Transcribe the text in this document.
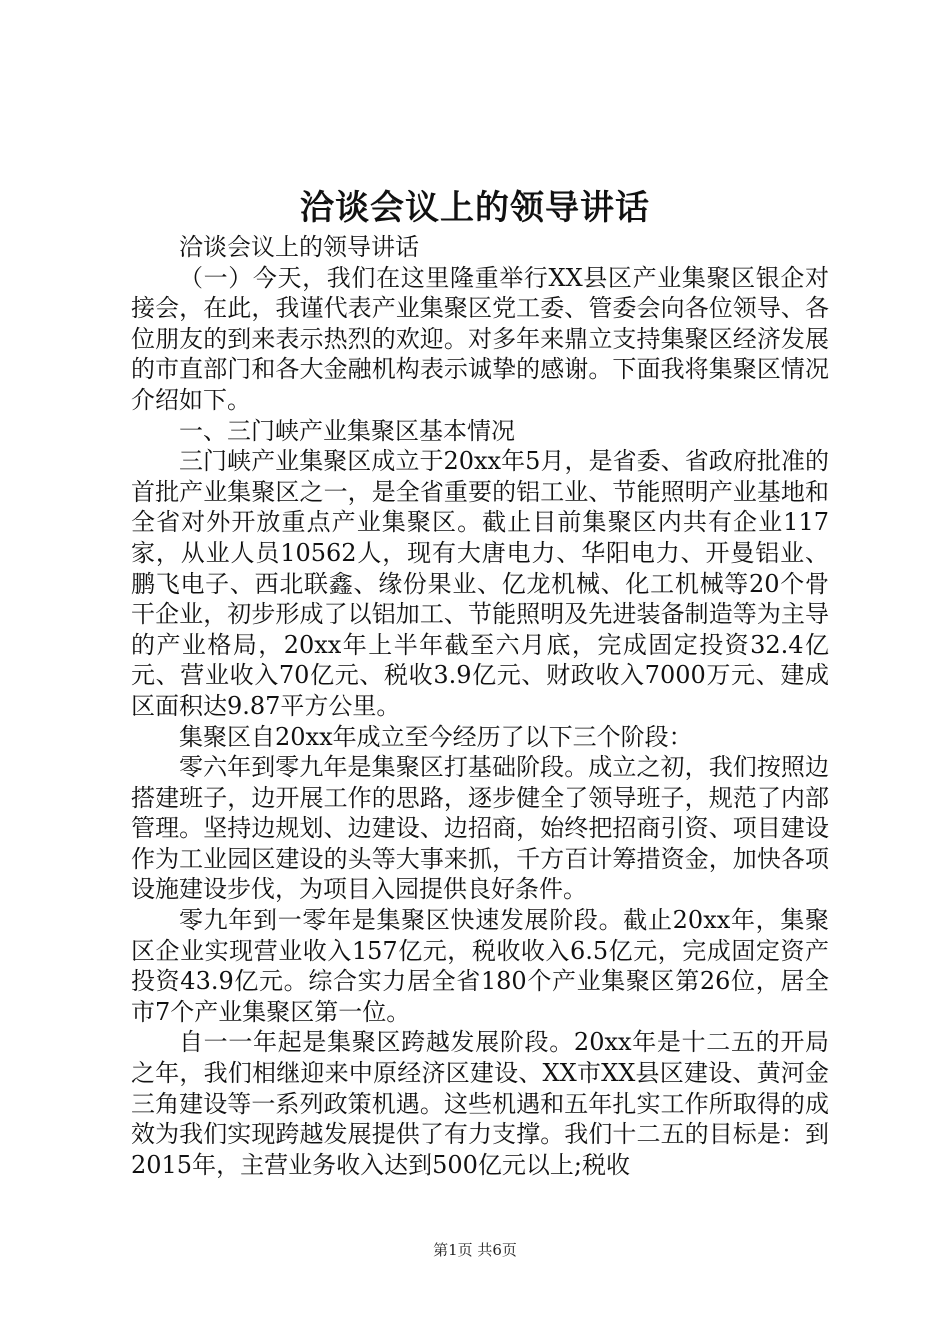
洽谈会议上的领导讲话

洽谈会议上的领导讲话

（一）今天，我们在这里隆重举行XX县区产业集聚区银企对接会，在此，我谨代表产业集聚区党工委、管委会向各位领导、各位朋友的到来表示热烈的欢迎。对多年来鼎立支持集聚区经济发展的市直部门和各大金融机构表示诚挚的感谢。下面我将集聚区情况介绍如下。

一、三门峡产业集聚区基本情况

三门峡产业集聚区成立于20xx年5月，是省委、省政府批准的首批产业集聚区之一，是全省重要的铝工业、节能照明产业基地和全省对外开放重点产业集聚区。截止目前集聚区内共有企业117家，从业人员10562人，现有大唐电力、华阳电力、开曼铝业、鹏飞电子、西北联鑫、缘份果业、亿龙机械、化工机械等20个骨干企业，初步形成了以铝加工、节能照明及先进装备制造等为主导的产业格局，20xx年上半年截至六月底，完成固定投资32.4亿元、营业收入70亿元、税收3.9亿元、财政收入7000万元、建成区面积达9.87平方公里。

集聚区自20xx年成立至今经历了以下三个阶段：

零六年到零九年是集聚区打基础阶段。成立之初，我们按照边搭建班子，边开展工作的思路，逐步健全了领导班子，规范了内部管理。坚持边规划、边建设、边招商，始终把招商引资、项目建设作为工业园区建设的头等大事来抓，千方百计筹措资金，加快各项设施建设步伐，为项目入园提供良好条件。

零九年到一零年是集聚区快速发展阶段。截止20xx年，集聚区企业实现营业收入157亿元，税收收入6.5亿元，完成固定资产投资43.9亿元。综合实力居全省180个产业集聚区第26位，居全市7个产业集聚区第一位。

自一一年起是集聚区跨越发展阶段。20xx年是十二五的开局之年，我们相继迎来中原经济区建设、XX市XX县区建设、黄河金三角建设等一系列政策机遇。这些机遇和五年扎实工作所取得的成效为我们实现跨越发展提供了有力支撑。我们十二五的目标是：到2015年，主营业务收入达到500亿元以上;税收

第1页 共6页
